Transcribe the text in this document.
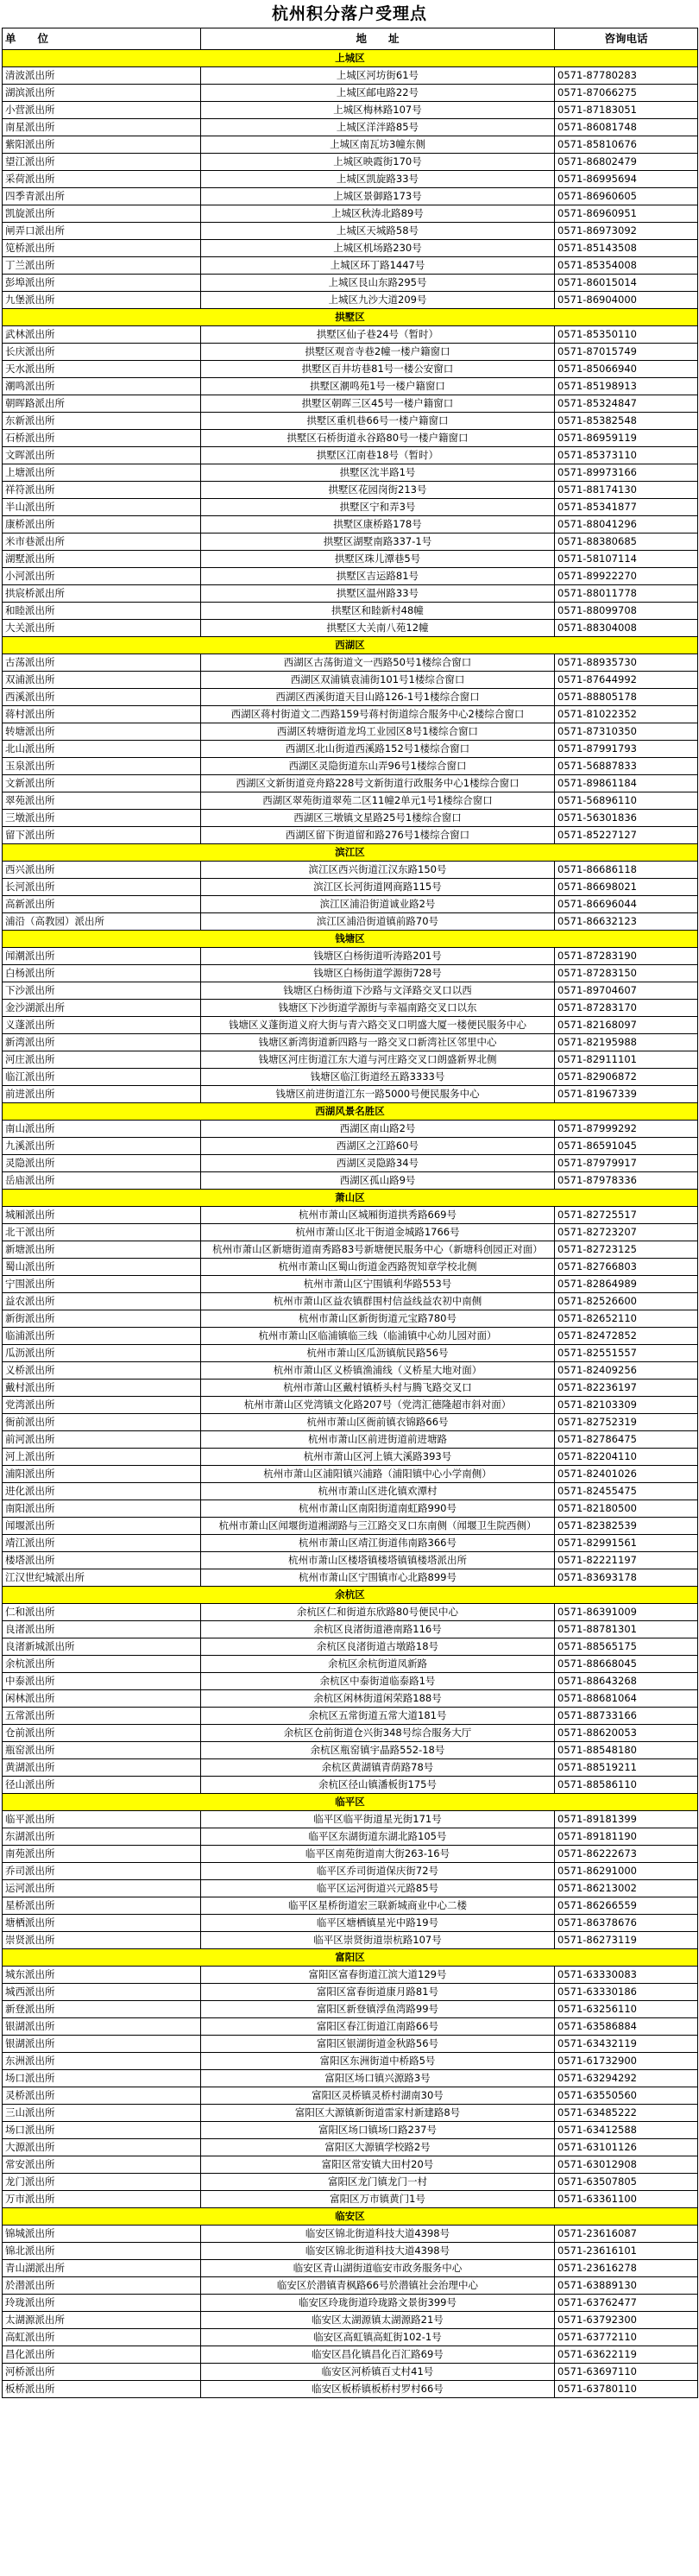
杭州积分落户受理点
单　　位	地　　址	咨询电话
上城区		
清波派出所	上城区河坊街61号	0571-87780283
湖滨派出所	上城区邮电路22号	0571-87066275
小营派出所	上城区梅林路107号	0571-87183051
南星派出所	上城区洋泮路85号	0571-86081748
紫阳派出所	上城区南瓦坊3幢东侧	0571-85810676
望江派出所	上城区映霞街170号	0571-86802479
采荷派出所	上城区凯旋路33号	0571-86995694
四季青派出所	上城区景御路173号	0571-86960605
凯旋派出所	上城区秋涛北路89号	0571-86960951
闸弄口派出所	上城区天城路58号	0571-86973092
笕桥派出所	上城区机场路230号	0571-85143508
丁兰派出所	上城区环丁路1447号	0571-85354008
彭埠派出所	上城区艮山东路295号	0571-86015014
九堡派出所	上城区九沙大道209号	0571-86904000
拱墅区		
武林派出所	拱墅区仙子巷24号（暂时）	0571-85350110
长庆派出所	拱墅区观音寺巷2幢一楼户籍窗口	0571-87015749
天水派出所	拱墅区百井坊巷81号一楼公安窗口	0571-85066940
潮鸣派出所	拱墅区潮鸣苑1号一楼户籍窗口	0571-85198913
朝晖路派出所	拱墅区朝晖三区45号一楼户籍窗口	0571-85324847
东新派出所	拱墅区重机巷66号一楼户籍窗口	0571-85382548
石桥派出所	拱墅区石桥街道永谷路80号一楼户籍窗口	0571-86959119
文晖派出所	拱墅区江南巷18号（暂时）	0571-85373110
上塘派出所	拱墅区沈半路1号	0571-89973166
祥符派出所	拱墅区花园岗街213号	0571-88174130
半山派出所	拱墅区宁和弄3号	0571-85341877
康桥派出所	拱墅区康桥路178号	0571-88041296
米市巷派出所	拱墅区湖墅南路337-1号	0571-88380685
湖墅派出所	拱墅区珠儿潭巷5号	0571-58107114
小河派出所	拱墅区吉运路81号	0571-89922270
拱宸桥派出所	拱墅区温州路33号	0571-88011778
和睦派出所	拱墅区和睦新村48幢	0571-88099708
大关派出所	拱墅区大关南八苑12幢	0571-88304008
西湖区		
古荡派出所	西湖区古荡街道文一西路50号1楼综合窗口	0571-88935730
双浦派出所	西湖区双浦镇袁浦街101号1楼综合窗口	0571-87644992
西溪派出所	西湖区西溪街道天目山路126-1号1楼综合窗口	0571-88805178
蒋村派出所	西湖区蒋村街道文二西路159号蒋村街道综合服务中心2楼综合窗口	0571-81022352
转塘派出所	西湖区转塘街道龙坞工业园区8号1楼综合窗口	0571-87310350
北山派出所	西湖区北山街道西溪路152号1楼综合窗口	0571-87991793
玉泉派出所	西湖区灵隐街道东山弄96号1楼综合窗口	0571-56887833
文新派出所	西湖区文新街道竞舟路228号文新街道行政服务中心1楼综合窗口	0571-89861184
翠苑派出所	西湖区翠苑街道翠苑二区11幢2单元1号1楼综合窗口	0571-56896110
三墩派出所	西湖区三墩镇文星路25号1楼综合窗口	0571-56301836
留下派出所	西湖区留下街道留和路276号1楼综合窗口	0571-85227127
滨江区		
西兴派出所	滨江区西兴街道江汉东路150号	0571-86686118
长河派出所	滨江区长河街道网商路115号	0571-86698021
高新派出所	滨江区浦沿街道诚业路2号	0571-86696044
浦沿（高教园）派出所	滨江区浦沿街道镇前路70号	0571-86632123
钱塘区		
闻潮派出所	钱塘区白杨街道听涛路201号	0571-87283190
白杨派出所	钱塘区白杨街道学源街728号	0571-87283150
下沙派出所	钱塘区白杨街道下沙路与文泽路交叉口以西	0571-89704607
金沙湖派出所	钱塘区下沙街道学源街与幸福南路交叉口以东	0571-87283170
义蓬派出所	钱塘区义蓬街道义府大街与青六路交叉口明盛大厦一楼便民服务中心	0571-82168097
新湾派出所	钱塘区新湾街道新四路与一路交叉口新湾社区邻里中心	0571-82195988
河庄派出所	钱塘区河庄街道江东大道与河庄路交叉口朗盛新界北侧	0571-82911101
临江派出所	钱塘区临江街道经五路3333号	0571-82906872
前进派出所	钱塘区前进街道江东一路5000号便民服务中心	0571-81967339
西湖风景名胜区		
南山派出所	西湖区南山路2号	0571-87999292
九溪派出所	西湖区之江路60号	0571-86591045
灵隐派出所	西湖区灵隐路34号	0571-87979917
岳庙派出所	西湖区孤山路9号	0571-87978336
萧山区		
城厢派出所	杭州市萧山区城厢街道拱秀路669号	0571-82725517
北干派出所	杭州市萧山区北干街道金城路1766号	0571-82723207
新塘派出所	杭州市萧山区新塘街道南秀路83号新塘便民服务中心（新塘科创园正对面）	0571-82723125
蜀山派出所	杭州市萧山区蜀山街道金西路贺知章学校北侧	0571-82766803
宁围派出所	杭州市萧山区宁围镇利华路553号	0571-82864989
益农派出所	杭州市萧山区益农镇群围村信益线益农初中南侧	0571-82526600
新街派出所	杭州市萧山区新街街道元宝路780号	0571-82652110
临浦派出所	杭州市萧山区临浦镇临三线（临浦镇中心幼儿园对面）	0571-82472852
瓜沥派出所	杭州市萧山区瓜沥镇航民路56号	0571-82551557
义桥派出所	杭州市萧山区义桥镇渔浦线（义桥星大地对面）	0571-82409256
戴村派出所	杭州市萧山区戴村镇桥头村与腾飞路交叉口	0571-82236197
党湾派出所	杭州市萧山区党湾镇文化路207号（党湾汇德隆超市斜对面）	0571-82103309
衙前派出所	杭州市萧山区衙前镇衣锦路66号	0571-82752319
前河派出所	杭州市萧山区前进街道前进塘路	0571-82786475
河上派出所	杭州市萧山区河上镇大溪路393号	0571-82204110
浦阳派出所	杭州市萧山区浦阳镇兴浦路（浦阳镇中心小学南侧）	0571-82401026
进化派出所	杭州市萧山区进化镇欢潭村	0571-82455475
南阳派出所	杭州市萧山区南阳街道南虹路990号	0571-82180500
闻堰派出所	杭州市萧山区闻堰街道湘湖路与三江路交叉口东南侧（闻堰卫生院西侧）	0571-82382539
靖江派出所	杭州市萧山区靖江街道伟南路366号	0571-82991561
楼塔派出所	杭州市萧山区楼塔镇楼塔镇镇楼塔派出所	0571-82221197
江汉世纪城派出所	杭州市萧山区宁围镇市心北路899号	0571-83693178
余杭区		
仁和派出所	余杭区仁和街道东欣路80号便民中心	0571-86391009
良渚派出所	余杭区良渚街道港南路116号	0571-88781301
良渚新城派出所	余杭区良渚街道古墩路18号	0571-88565175
余杭派出所	余杭区余杭街道凤新路	0571-88668045
中泰派出所	余杭区中泰街道临泰路1号	0571-88643268
闲林派出所	余杭区闲林街道闲荣路188号	0571-88681064
五常派出所	余杭区五常街道五常大道181号	0571-88733166
仓前派出所	余杭区仓前街道仓兴街348号综合服务大厅	0571-88620053
瓶窑派出所	余杭区瓶窑镇宇晶路552-18号	0571-88548180
黄湖派出所	余杭区黄湖镇青荫路78号	0571-88519211
径山派出所	余杭区径山镇潘板街175号	0571-88586110
临平区		
临平派出所	临平区临平街道星光街171号	0571-89181399
东湖派出所	临平区东湖街道东湖北路105号	0571-89181190
南苑派出所	临平区南苑街道南大街263-16号	0571-86222673
乔司派出所	临平区乔司街道保庆街72号	0571-86291000
运河派出所	临平区运河街道兴元路85号	0571-86213002
星桥派出所	临平区星桥街道宏三联新城商业中心二楼	0571-86266559
塘栖派出所	临平区塘栖镇星光中路19号	0571-86378676
崇贤派出所	临平区崇贤街道崇杭路107号	0571-86273119
富阳区		
城东派出所	富阳区富春街道江滨大道129号	0571-63330083
城西派出所	富阳区富春街道康月路81号	0571-63330186
新登派出所	富阳区新登镇浮鱼湾路99号	0571-63256110
银湖派出所	富阳区春江街道江南路66号	0571-63586884
银湖派出所	富阳区银湖街道金秋路56号	0571-63432119
东洲派出所	富阳区东洲街道中桥路5号	0571-61732900
场口派出所	富阳区场口镇兴源路3号	0571-63294292
灵桥派出所	富阳区灵桥镇灵桥村湖南30号	0571-63550560
三山派出所	富阳区大源镇新街道雷家村新建路8号	0571-63485222
场口派出所	富阳区场口镇场口路237号	0571-63412588
大源派出所	富阳区大源镇学校路2号	0571-63101126
常安派出所	富阳区常安镇大田村20号	0571-63012908
龙门派出所	富阳区龙门镇龙门一村	0571-63507805
万市派出所	富阳区万市镇黄门1号	0571-63361100
临安区		
锦城派出所	临安区锦北街道科技大道4398号	0571-23616087
锦北派出所	临安区锦北街道科技大道4398号	0571-23616101
青山湖派出所	临安区青山湖街道临安市政务服务中心	0571-23616278
於潜派出所	临安区於潜镇青枫路66号於潜镇社会治理中心	0571-63889130
玲珑派出所	临安区玲珑街道玲珑路文景街399号	0571-63762477
太湖源派出所	临安区太湖源镇太湖源路21号	0571-63792300
高虹派出所	临安区高虹镇高虹街102-1号	0571-63772110
昌化派出所	临安区昌化镇昌化百汇路69号	0571-63622119
河桥派出所	临安区河桥镇百丈村41号	0571-63697110
板桥派出所	临安区板桥镇板桥村罗村66号	0571-63780110
